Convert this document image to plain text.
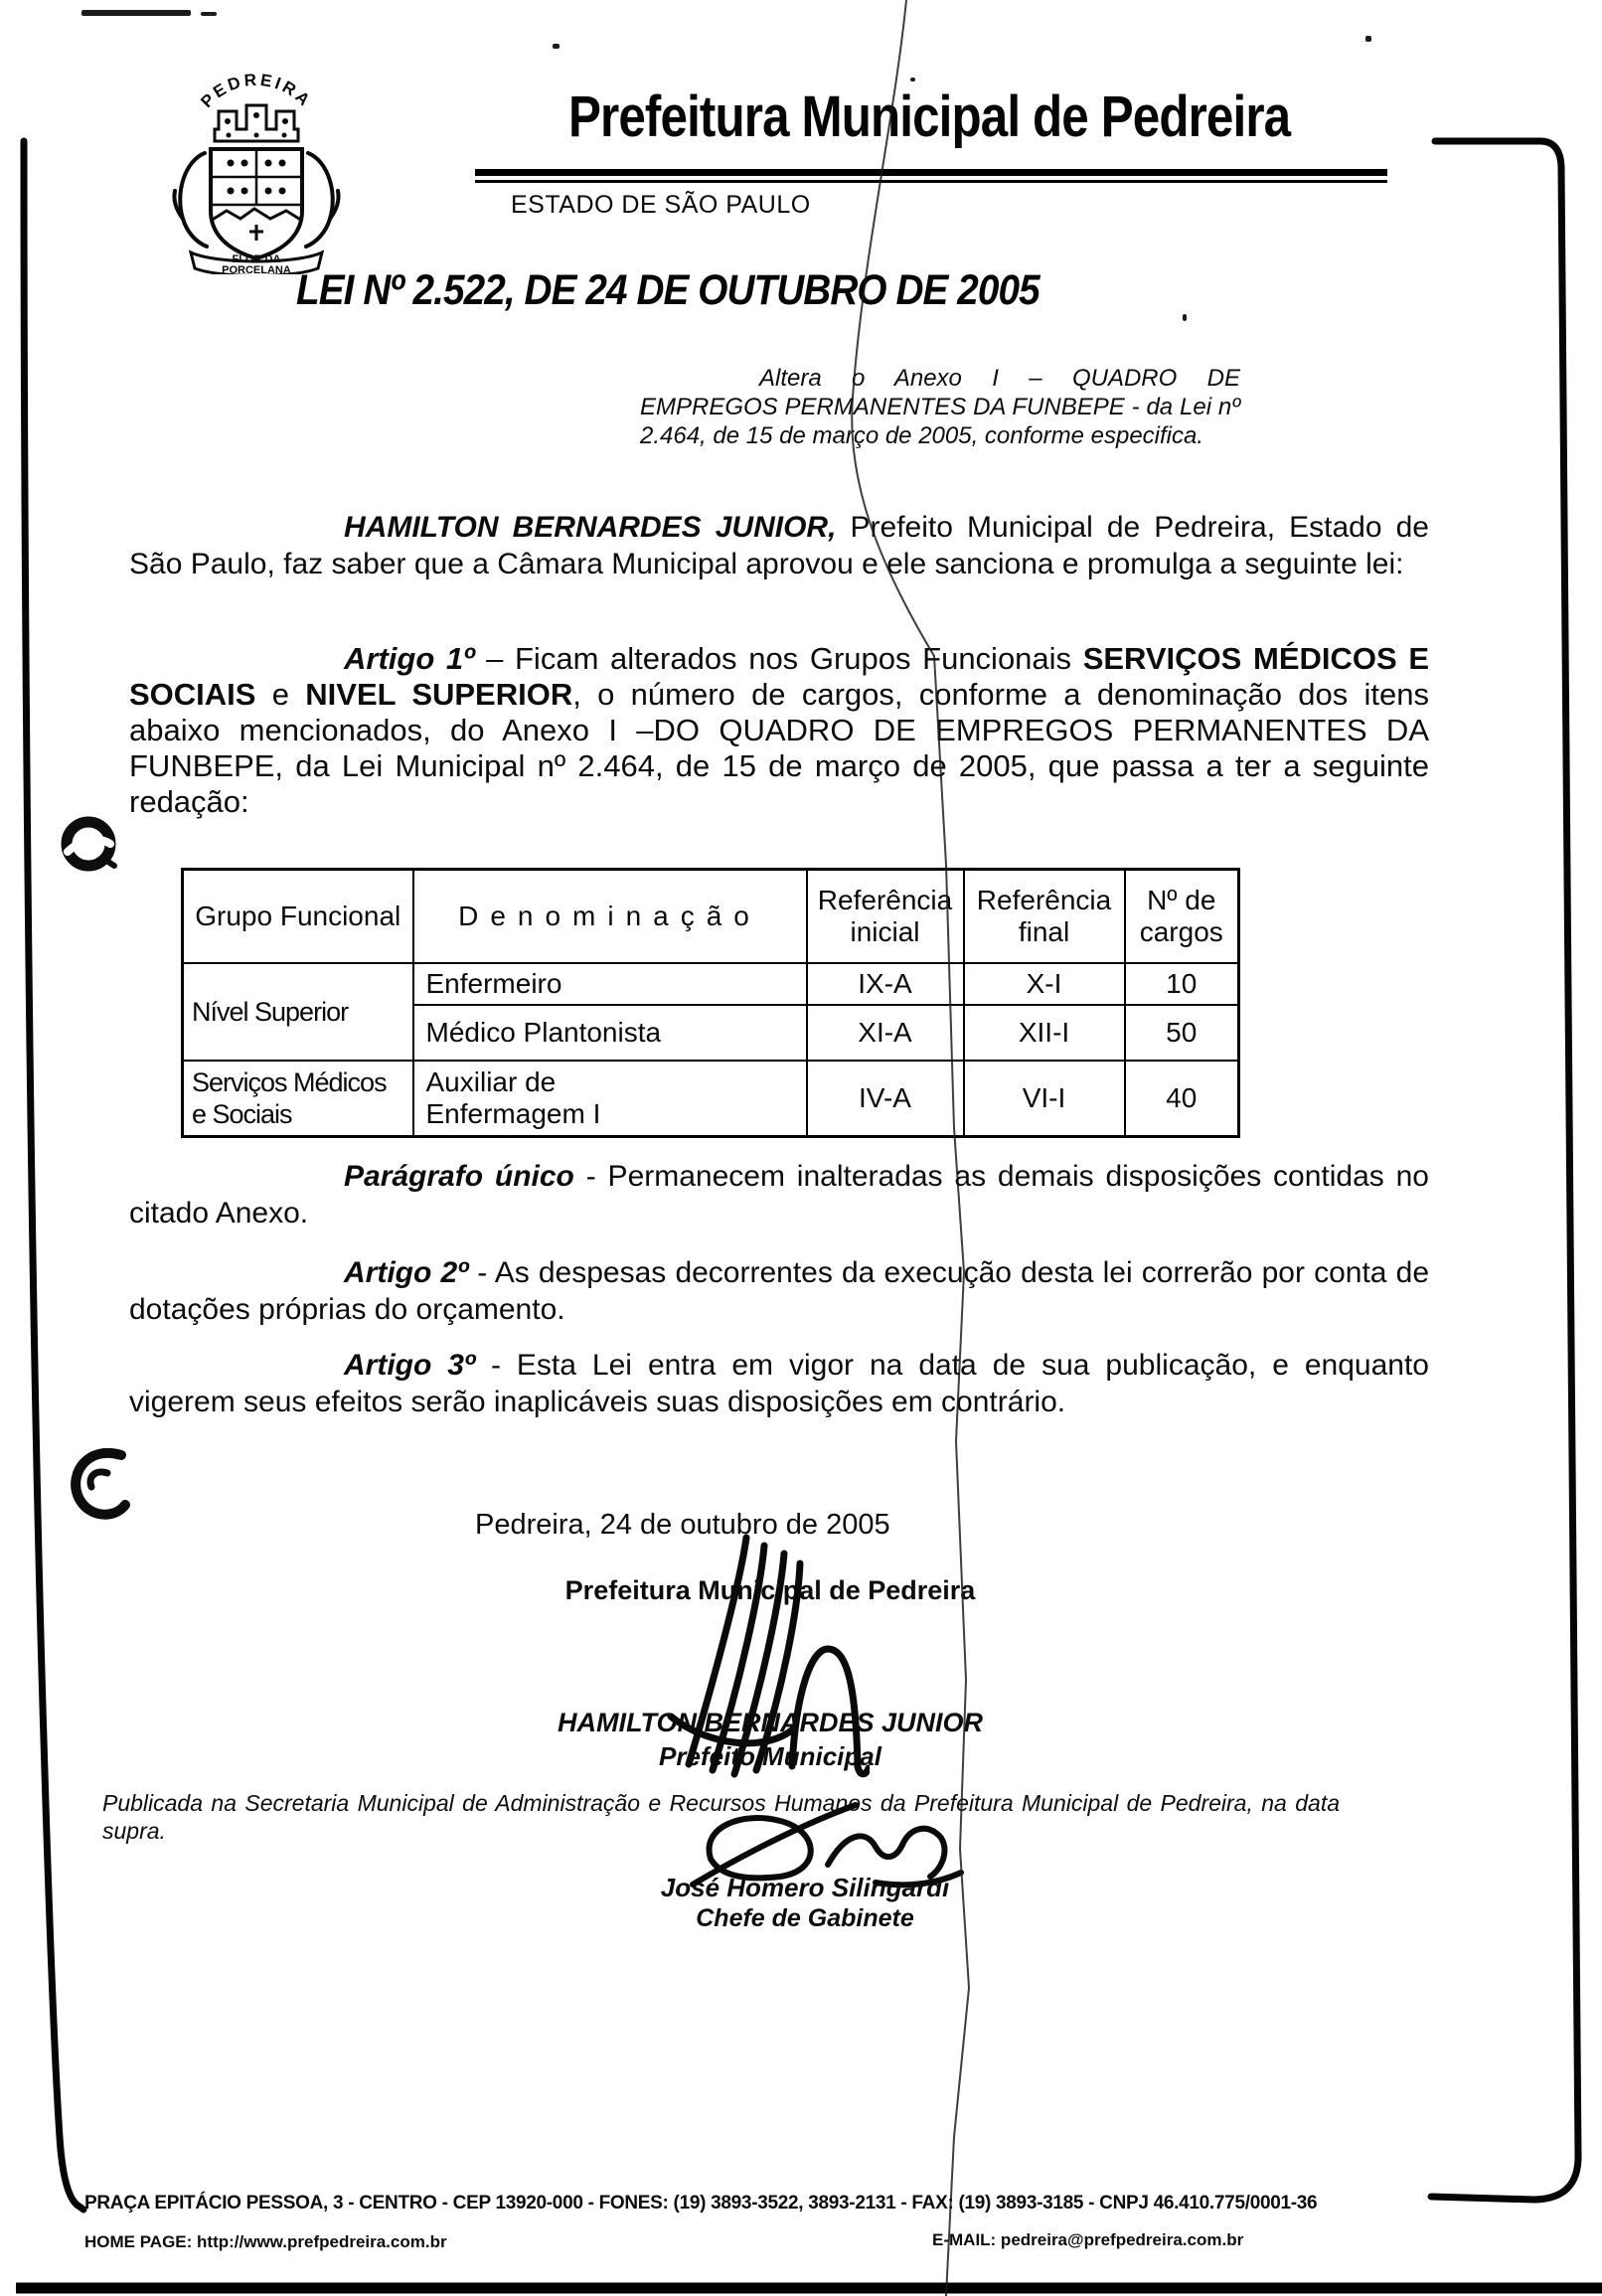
PEDREIRA
FLOR DA
PORCELANA
Prefeitura Municipal de Pedreira
ESTADO DE SÃO PAULO
LEI Nº 2.522, DE 24 DE OUTUBRO DE 2005
Altera o Anexo I – QUADRO DE EMPREGOS PERMANENTES DA FUNBEPE - da Lei nº 2.464, de 15 de março de 2005, conforme especifica.
HAMILTON BERNARDES JUNIOR, Prefeito Municipal de Pedreira, Estado de São Paulo, faz saber que a Câmara Municipal aprovou e ele sanciona e promulga a seguinte lei:
Artigo 1º – Ficam alterados nos Grupos Funcionais SERVIÇOS MÉDICOS E SOCIAIS e NIVEL SUPERIOR, o número de cargos, conforme a denominação dos itens abaixo mencionados, do Anexo I –DO QUADRO DE EMPREGOS PERMANENTES DA FUNBEPE, da Lei Municipal nº 2.464, de 15 de março de 2005, que passa a ter a seguinte redação:
Grupo Funcional	Denominação	Referência inicial	Referência final	Nº de cargos
Nível Superior	Enfermeiro	IX-A	X-I	10
	Médico Plantonista	XI-A	XII-I	50
Serviços Médicos
e Sociais	Auxiliar de
Enfermagem I	IV-A	VI-I	40
Parágrafo único - Permanecem inalteradas as demais disposições contidas no citado Anexo.
Artigo 2º - As despesas decorrentes da execução desta lei correrão por conta de dotações próprias do orçamento.
Artigo 3º - Esta Lei entra em vigor na data de sua publicação, e enquanto vigerem seus efeitos serão inaplicáveis suas disposições em contrário.
Pedreira, 24 de outubro de 2005
Prefeitura Municipal de Pedreira
HAMILTON BERNARDES JUNIOR
Prefeito Municipal
Publicada na Secretaria Municipal de Administração e Recursos Humanos da Prefeitura Municipal de Pedreira, na data supra.
José Homero Silingardi
Chefe de Gabinete
PRAÇA EPITÁCIO PESSOA, 3 - CENTRO - CEP 13920-000 - FONES: (19) 3893-3522, 3893-2131 - FAX: (19) 3893-3185 - CNPJ 46.410.775/0001-36
HOME PAGE: http://www.prefpedreira.com.br	E-MAIL: pedreira@prefpedreira.com.br
